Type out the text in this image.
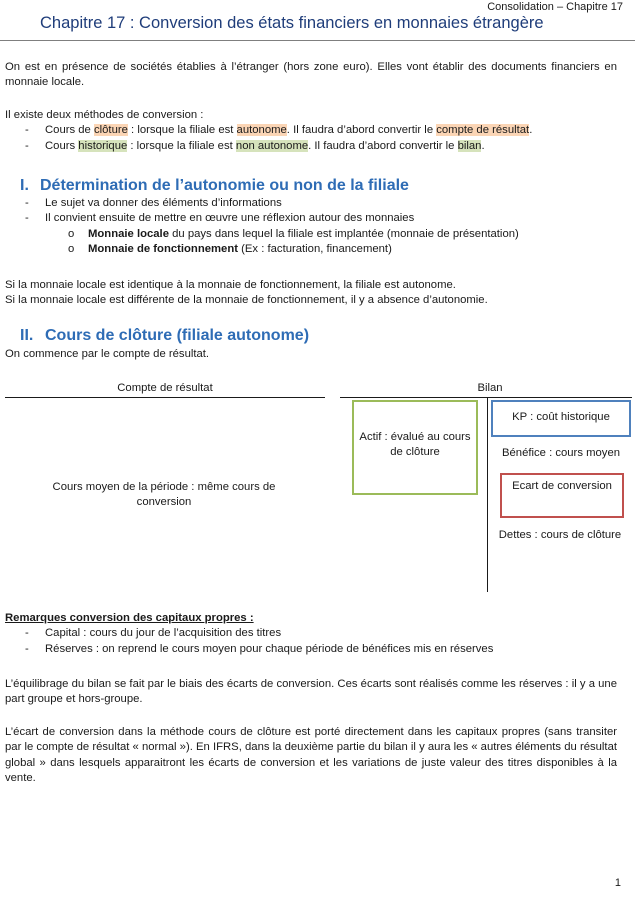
Consolidation – Chapitre 17
Chapitre 17 : Conversion des états financiers en monnaies étrangère

On est en présence de sociétés établies à l’étranger (hors zone euro). Elles vont établir des documents financiers en monnaie locale.

Il existe deux méthodes de conversion :

- Cours de clôture : lorsque la filiale est autonome. Il faudra d’abord convertir le compte de résultat.
- Cours historique : lorsque la filiale est non autonome. Il faudra d’abord convertir le bilan.
I. Détermination de l’autonomie ou non de la filiale
- Le sujet va donner des éléments d’informations
- Il convient ensuite de mettre en œuvre une réflexion autour des monnaies
o Monnaie locale du pays dans lequel la filiale est implantée (monnaie de présentation)
o Monnaie de fonctionnement (Ex : facturation, financement)

Si la monnaie locale est identique à la monnaie de fonctionnement, la filiale est autonome.

Si la monnaie locale est différente de la monnaie de fonctionnement, il y a absence d’autonomie.

II. Cours de clôture (filiale autonome)

On commence par le compte de résultat.

Compte de résultat	Bilan
Cours moyen de la période : même cours de conversion
Actif : évalué au cours de clôture
KP : coût historique
Bénéfice : cours moyen
Ecart de conversion
Dettes : cours de clôture

Remarques conversion des capitaux propres :

- Capital : cours du jour de l’acquisition des titres
- Réserves : on reprend le cours moyen pour chaque période de bénéfices mis en réserves

L’équilibrage du bilan se fait par le biais des écarts de conversion. Ces écarts sont réalisés comme les réserves : il y a une part groupe et hors-groupe.

L’écart de conversion dans la méthode cours de clôture est porté directement dans les capitaux propres (sans transiter par le compte de résultat « normal »). En IFRS, dans la deuxième partie du bilan il y aura les « autres éléments du résultat global » dans lesquels apparaitront les écarts de conversion et les variations de juste valeur des titres disponibles à la vente.

1
